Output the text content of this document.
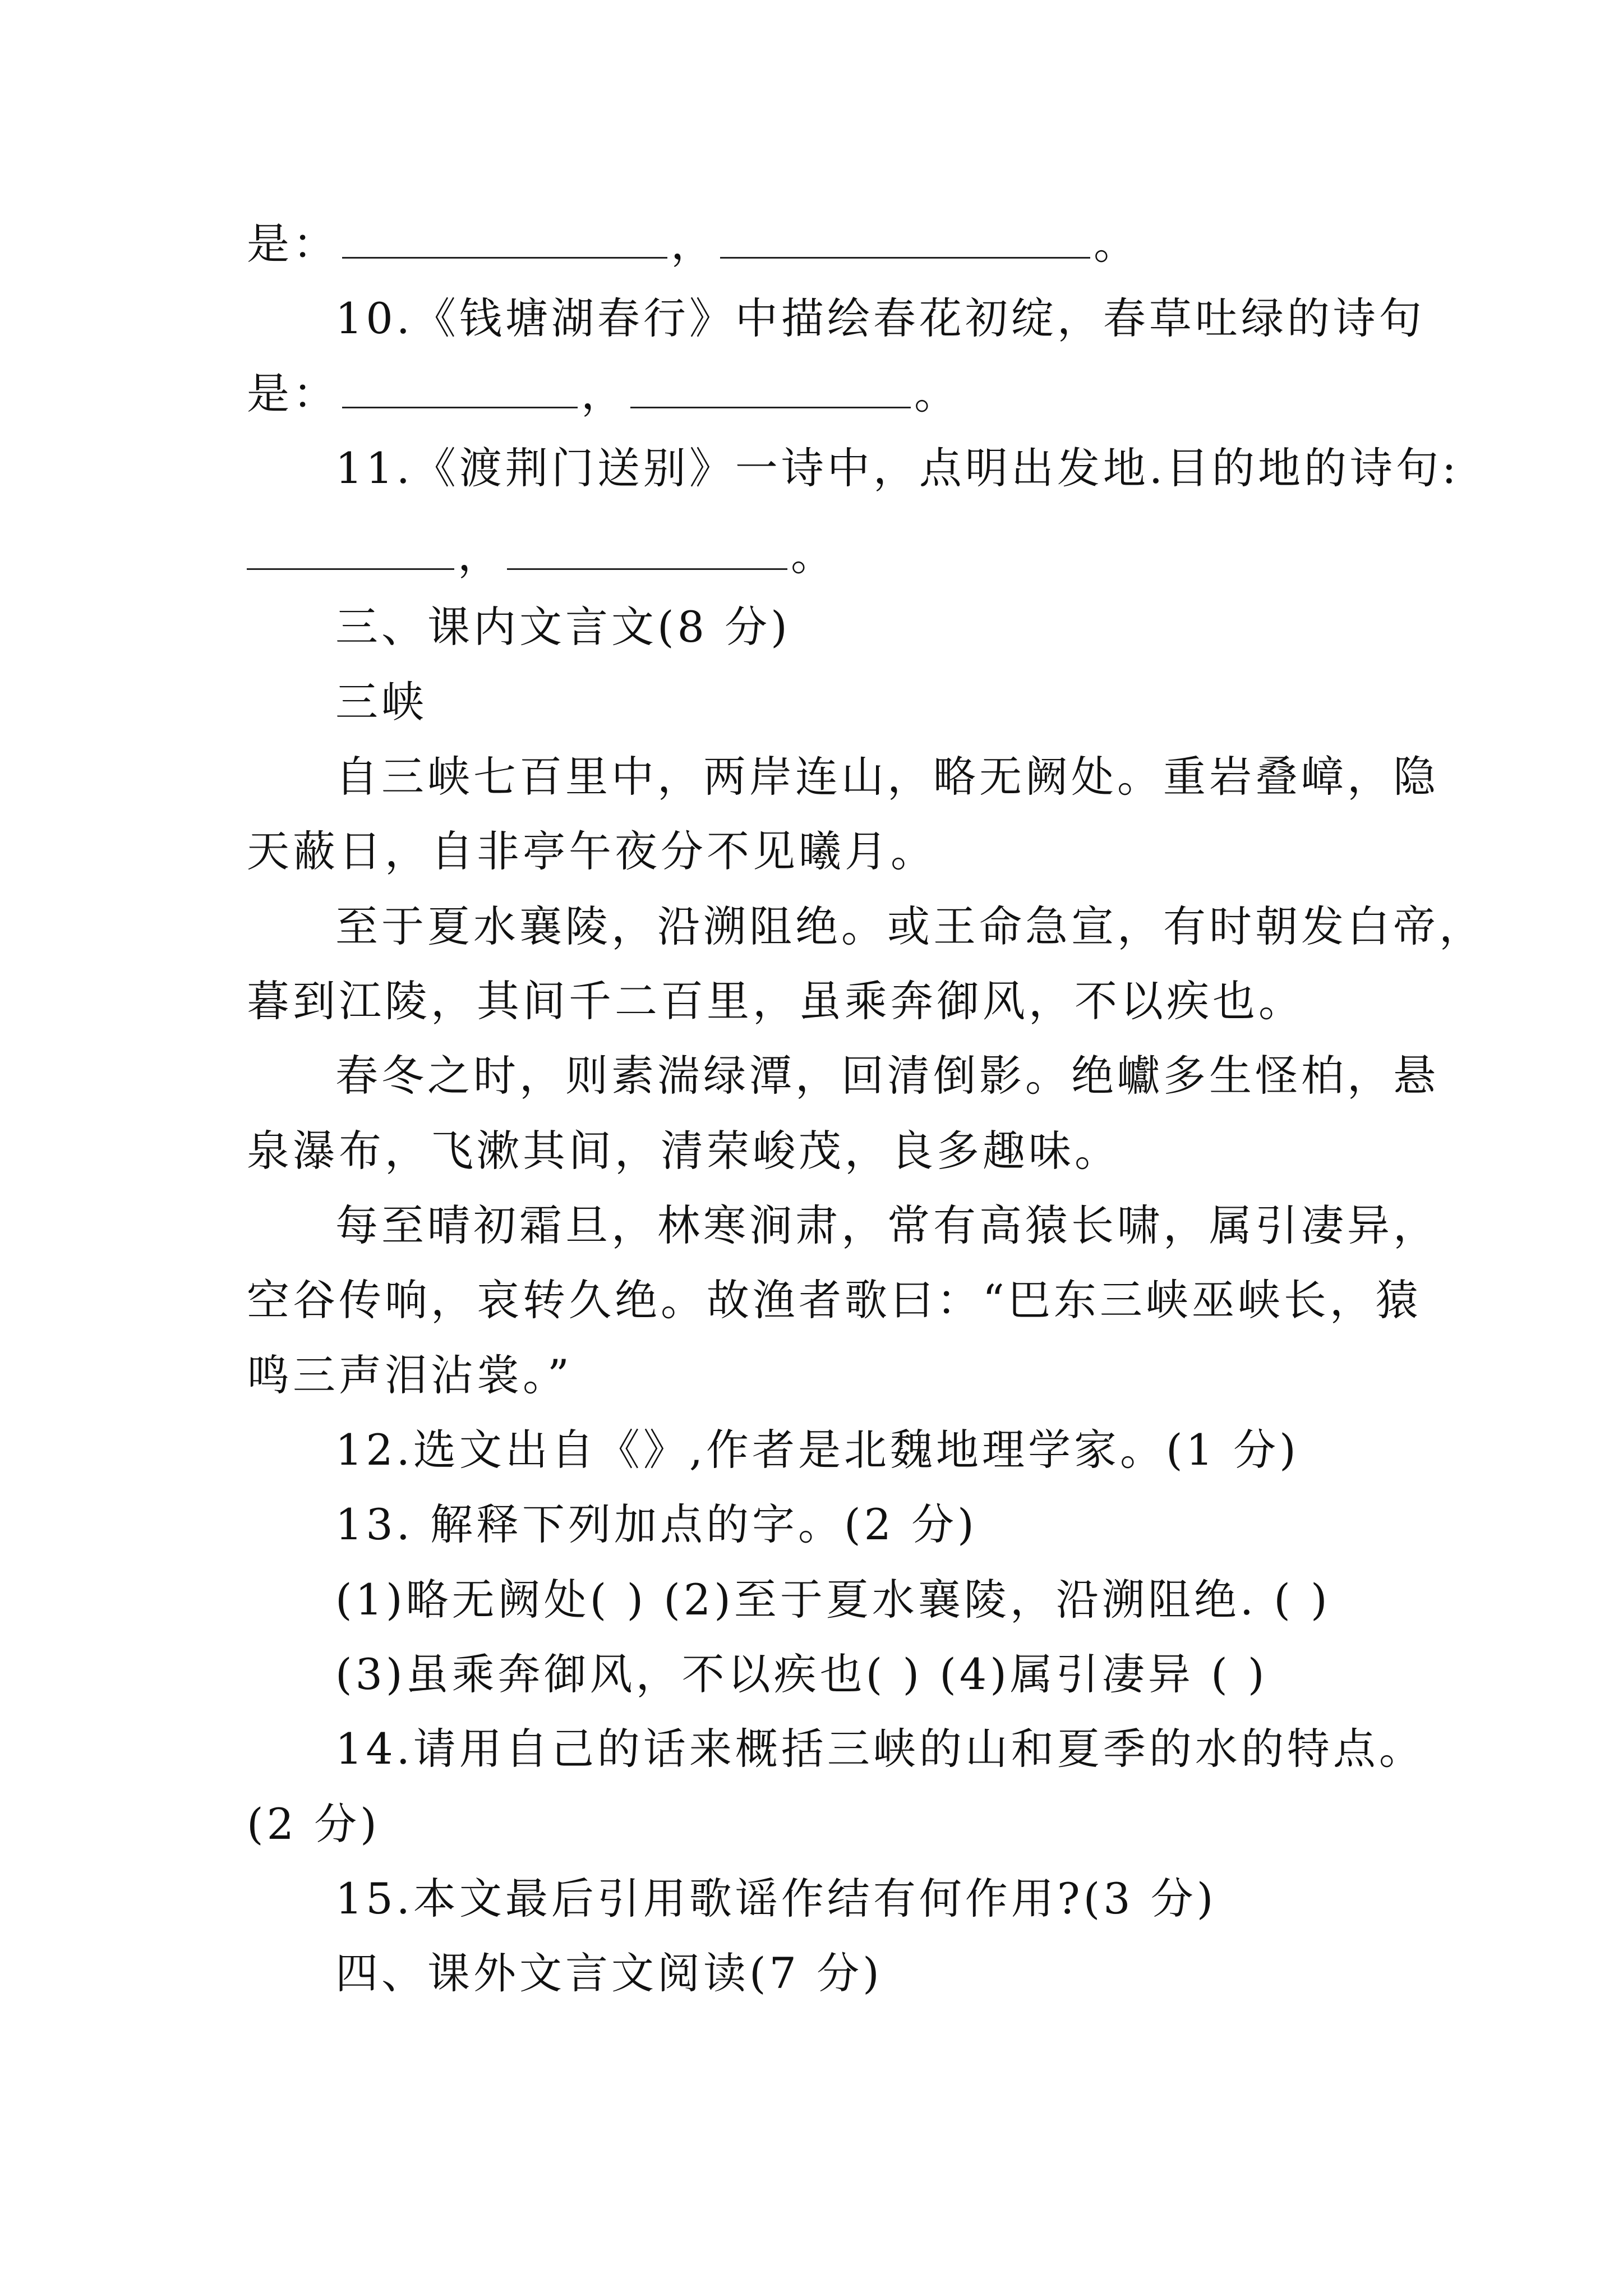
是：	，	。
10.《钱塘湖春行》中描绘春花初绽，春草吐绿的诗句
是：	，	。
11.《渡荆门送别》一诗中，点明出发地.目的地的诗句:
，	。
三、课内文言文(8 分)
三峡
自三峡七百里中，两岸连山，略无阙处。重岩叠嶂，隐
天蔽日，自非亭午夜分不见曦月。
至于夏水襄陵，沿溯阻绝。或王命急宣，有时朝发白帝，
暮到江陵，其间千二百里，虽乘奔御风，不以疾也。
春冬之时，则素湍绿潭，回清倒影。绝巘多生怪柏，悬
泉瀑布，飞漱其间，清荣峻茂，良多趣味。
每至晴初霜旦，林寒涧肃，常有高猿长啸，属引凄异，
空谷传响，哀转久绝。故渔者歌曰：“巴东三峡巫峡长，猿
鸣三声泪沾裳。”
12.选文出自《》,作者是北魏地理学家。(1 分)
13. 解释下列加点的字。(2 分)
(1)略无阙处( ) (2)至于夏水襄陵，沿溯阻绝. ( )
(3)虽乘奔御风，不以疾也( ) (4)属引凄异 ( )
14.请用自己的话来概括三峡的山和夏季的水的特点。
(2 分)
15.本文最后引用歌谣作结有何作用?(3 分)
四、课外文言文阅读(7 分)
